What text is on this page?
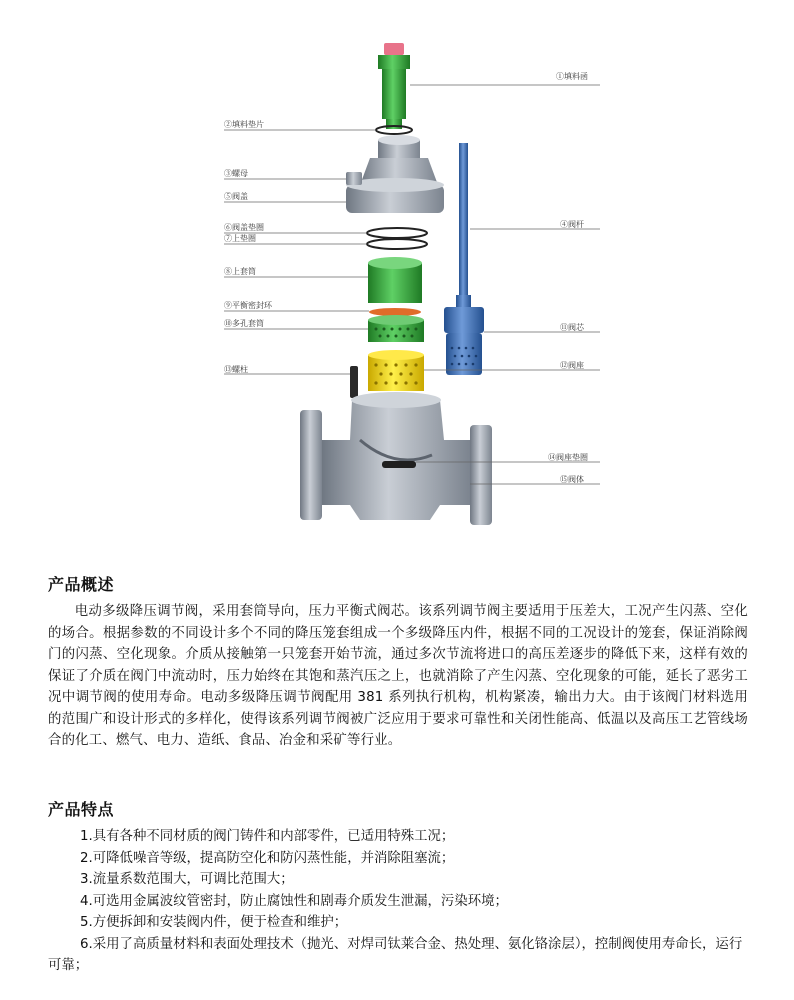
①填料函
②填料垫片
③螺母
④阀杆
⑤阀盖
⑥阀盖垫圈
⑦上垫圈
⑧上套筒
⑨平衡密封环
⑩多孔套筒	⑪阀芯
⑫阀座
⑬螺柱
⑭阀座垫圈
⑮阀体
产品概述

电动多级降压调节阀，采用套筒导向，压力平衡式阀芯。该系列调节阀主要适用于压差大，工况产生闪蒸、空化的场合。根据参数的不同设计多个不同的降压笼套组成一个多级降压内件，根据不同的工况设计的笼套，保证消除阀门的闪蒸、空化现象。介质从接触第一只笼套开始节流，通过多次节流将进口的高压差逐步的降低下来，这样有效的保证了介质在阀门中流动时，压力始终在其饱和蒸汽压之上，也就消除了产生闪蒸、空化现象的可能，延长了恶劣工况中调节阀的使用寿命。电动多级降压调节阀配用 381 系列执行机构，机构紧凑，输出力大。由于该阀门材料选用的范围广和设计形式的多样化，使得该系列调节阀被广泛应用于要求可靠性和关闭性能高、低温以及高压工艺管线场合的化工、燃气、电力、造纸、食品、冶金和采矿等行业。

产品特点
1.具有各种不同材质的阀门铸件和内部零件，已适用特殊工况；
2.可降低噪音等级，提高防空化和防闪蒸性能，并消除阻塞流；
3.流量系数范围大，可调比范围大；
4.可选用金属波纹管密封，防止腐蚀性和剧毒介质发生泄漏，污染环境；
5.方便拆卸和安装阀内件，便于检查和维护；
6.采用了高质量材料和表面处理技术（抛光、对焊司钛莱合金、热处理、氨化铬涂层），控制阀使用寿命长，运行可靠；
